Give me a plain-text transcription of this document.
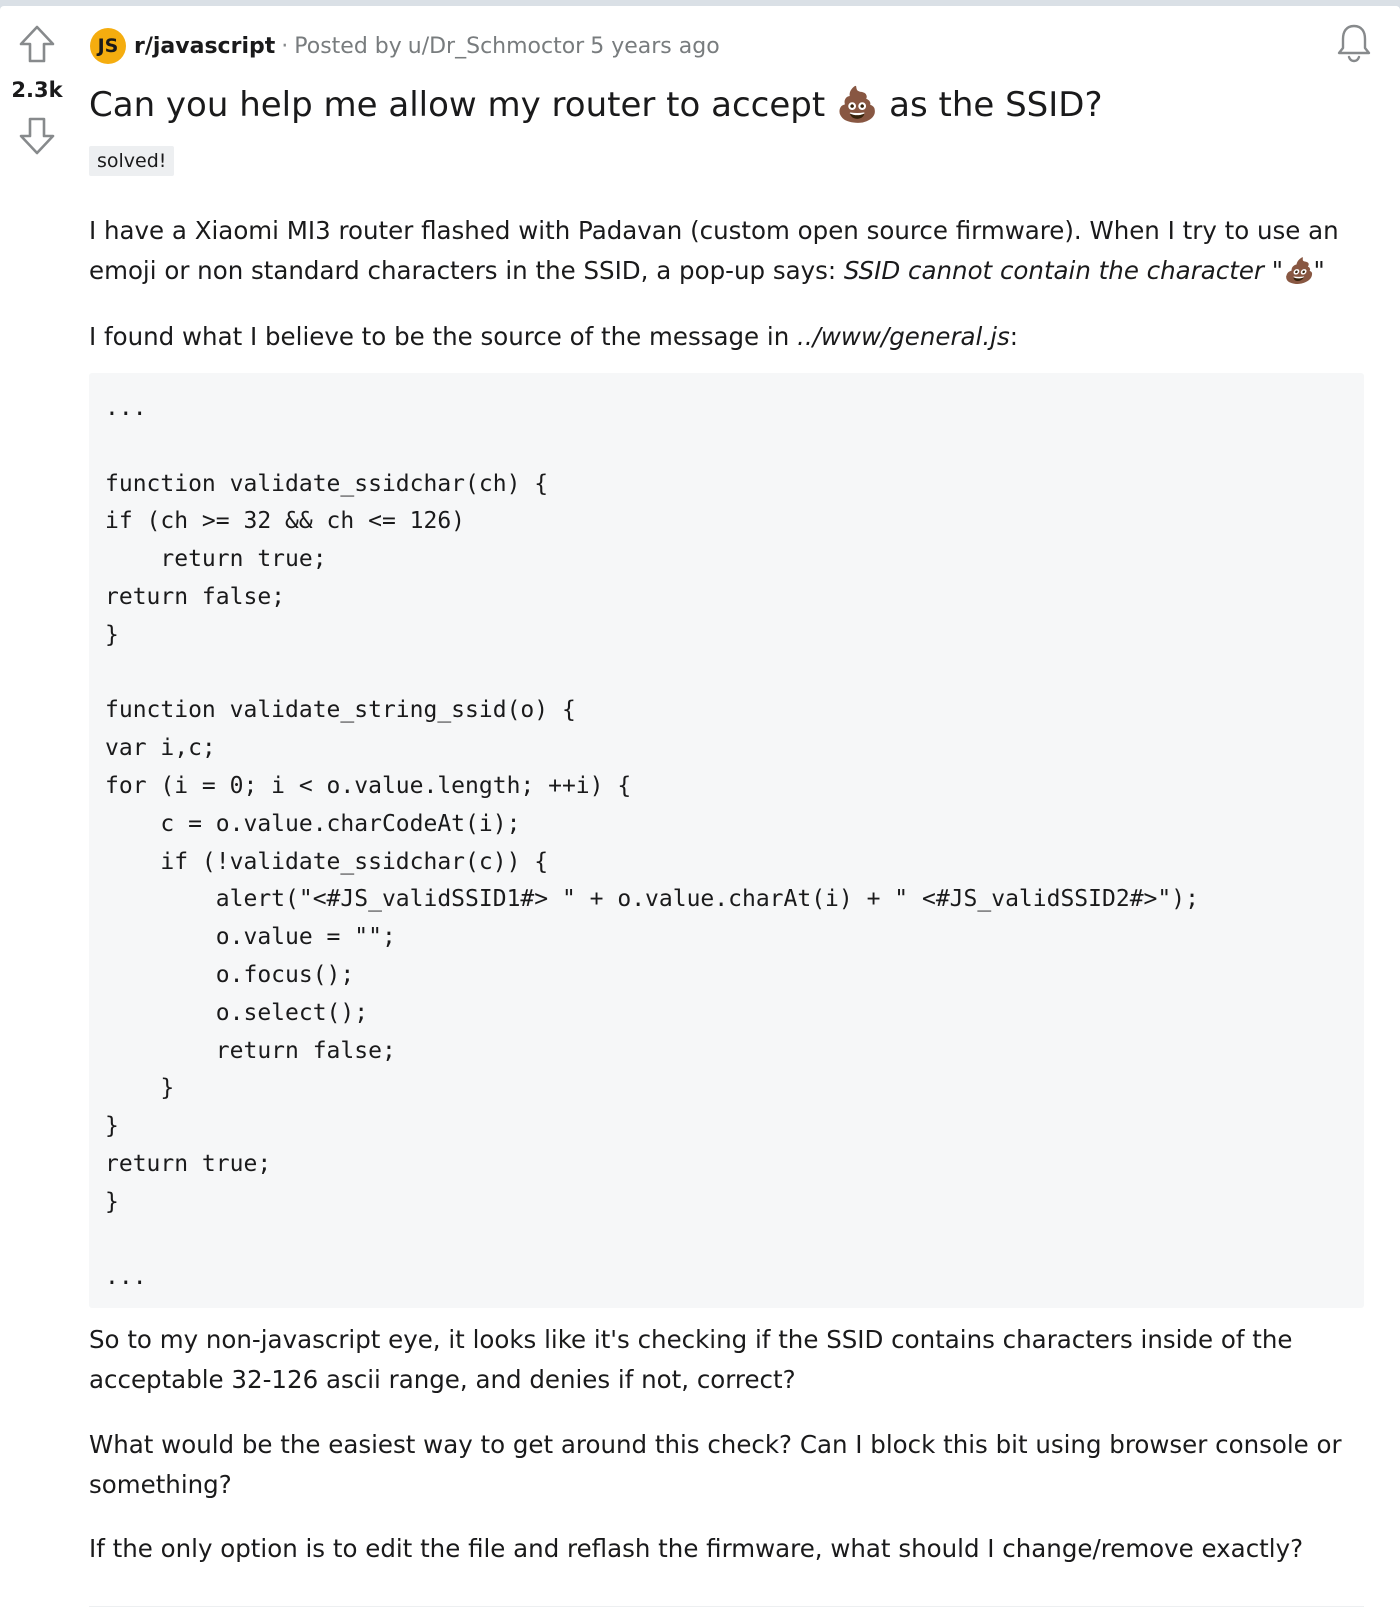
2.3k
JS r/javascript · Posted by u/Dr_Schmoctor 5 years ago
Can you help me allow my router to accept 💩 as the SSID?
solved!

I have a Xiaomi MI3 router flashed with Padavan (custom open source firmware). When I try to use an emoji or non standard characters in the SSID, a pop-up says: SSID cannot contain the character "💩"

I found what I believe to be the source of the message in ../www/general.js:

...

function validate_ssidchar(ch) {
if (ch >= 32 && ch <= 126)
return true;
return false;
}

function validate_string_ssid(o) {
var i,c;
for (i = 0; i < o.value.length; ++i) {
c = o.value.charCodeAt(i);
if (!validate_ssidchar(c)) {
alert("<#JS_validSSID1#> " + o.value.charAt(i) + " <#JS_validSSID2#>");
o.value = "";
o.focus();
o.select();
return false;
}
}
return true;
}

...

So to my non-javascript eye, it looks like it's checking if the SSID contains characters inside of the acceptable 32-126 ascii range, and denies if not, correct?

What would be the easiest way to get around this check? Can I block this bit using browser console or something?

If the only option is to edit the file and reflash the firmware, what should I change/remove exactly?
